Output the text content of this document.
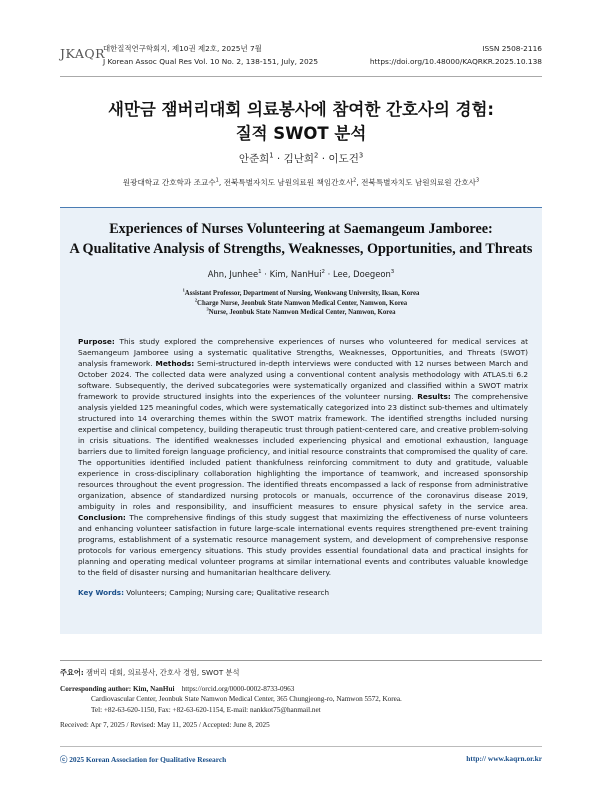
JKAQR
대한질적연구학회지, 제10권 제2호, 2025년 7월
J Korean Assoc Qual Res Vol. 10 No. 2, 138-151, July, 2025
ISSN 2508-2116
https://doi.org/10.48000/KAQRKR.2025.10.138
새만금 잼버리대회 의료봉사에 참여한 간호사의 경험:
질적 SWOT 분석
안준희$^1$ · 김난희$^2$ · 이도건$^3$
원광대학교 간호학과 조교수$^1$, 전북특별자치도 남원의료원 책임간호사$^2$, 전북특별자치도 남원의료원 간호사$^3$
Experiences of Nurses Volunteering at Saemangeum Jamboree:
A Qualitative Analysis of Strengths, Weaknesses, Opportunities, and Threats
Ahn, Junhee$^1$ · Kim, NanHui$^2$ · Lee, Doegeon$^3$
$^1$Assistant Professor, Department of Nursing, Wonkwang University, Iksan, Korea
$^2$Charge Nurse, Jeonbuk State Namwon Medical Center, Namwon, Korea
$^3$Nurse, Jeonbuk State Namwon Medical Center, Namwon, Korea
Purpose: This study explored the comprehensive experiences of nurses who volunteered for medical services at Saemangeum Jamboree using a systematic qualitative Strengths, Weaknesses, Opportunities, and Threats (SWOT) analysis framework. Methods: Semi-structured in-depth interviews were conducted with 12 nurses between March and October 2024. The collected data were analyzed using a conventional content analysis methodology with ATLAS.ti 6.2 software. Subsequently, the derived subcategories were systematically organized and classified within a SWOT matrix framework to provide structured insights into the experiences of the volunteer nursing. Results: The comprehensive analysis yielded 125 meaningful codes, which were systematically categorized into 23 distinct sub-themes and ultimately structured into 14 overarching themes within the SWOT matrix framework. The identified strengths included nursing expertise and clinical competency, building therapeutic trust through patient-centered care, and creative problem-solving in crisis situations. The identified weaknesses included experiencing physical and emotional exhaustion, language barriers due to limited foreign language proficiency, and initial resource constraints that compromised the quality of care. The opportunities identified included patient thankfulness reinforcing commitment to duty and gratitude, valuable experience in cross-disciplinary collaboration highlighting the importance of teamwork, and increased sponsorship resources throughout the event progression. The identified threats encompassed a lack of response from administrative organization, absence of standardized nursing protocols or manuals, occurrence of the coronavirus disease 2019, ambiguity in roles and responsibility, and insufficient measures to ensure physical safety in the service area. Conclusion: The comprehensive findings of this study suggest that maximizing the effectiveness of nurse volunteers and enhancing volunteer satisfaction in future large-scale international events requires strengthened pre-event training programs, establishment of a systematic resource management system, and development of comprehensive response protocols for various emergency situations. This study provides essential foundational data and practical insights for planning and operating medical volunteer programs at similar international events and contributes valuable knowledge to the field of disaster nursing and humanitarian healthcare delivery.
Key Words: Volunteers; Camping; Nursing care; Qualitative research
주요어: 잼버리 대회, 의료봉사, 간호사 경험, SWOT 분석
Corresponding author: Kim, NanHui https://orcid.org/0000-0002-8733-0963
Cardiovascular Center, Jeonbuk State Namwon Medical Center, 365 Chungjeong-ro, Namwon 5572, Korea.
Tel: +82-63-620-1150, Fax: +82-63-620-1154, E-mail: nankkot75@hanmail.net
Received: Apr 7, 2025 / Revised: May 11, 2025 / Accepted: June 8, 2025
ⓒ 2025 Korean Association for Qualitative Research	http:// www.kaqrn.or.kr
